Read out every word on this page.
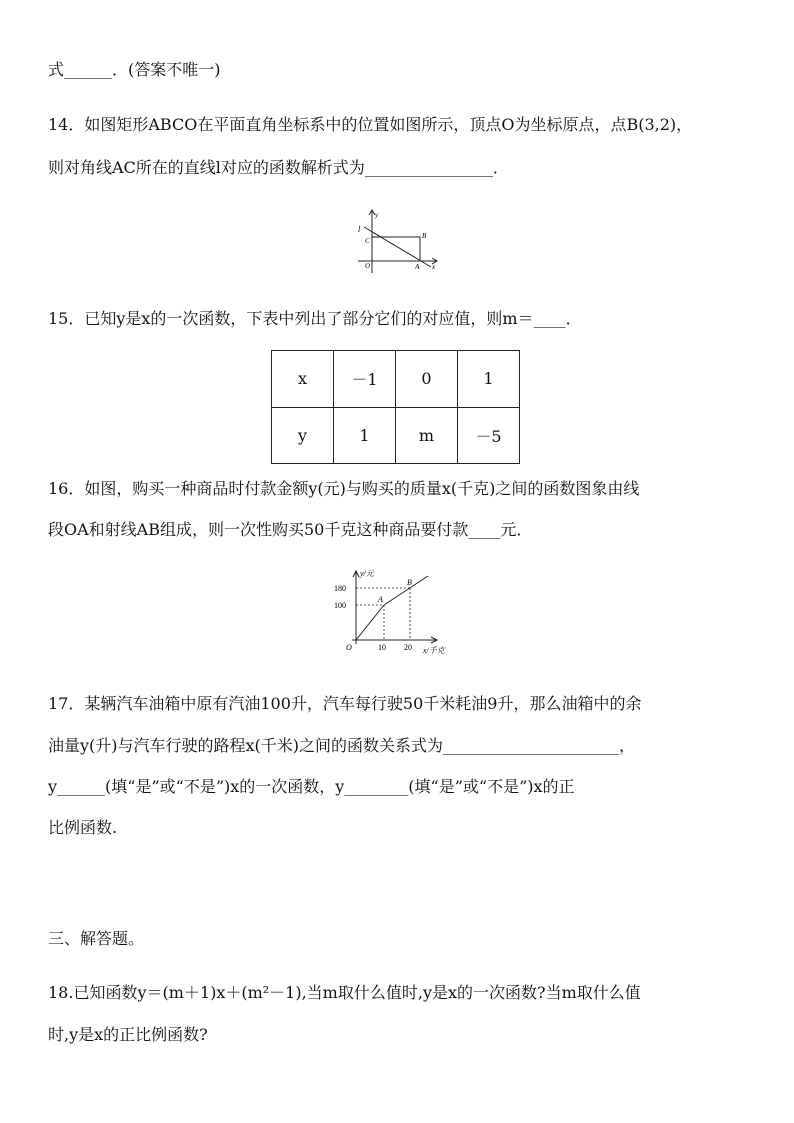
式______．(答案不唯一)
14．如图矩形ABCO在平面直角坐标系中的位置如图所示，顶点O为坐标原点，点B(3,2)，
则对角线AC所在的直线l对应的函数解析式为________________．
l
y
C
B
O	A x
15．已知y是x的一次函数，下表中列出了部分它们的对应值，则m＝____．
x	－1	0	1
y	1	m	－5
16．如图，购买一种商品时付款金额y(元)与购买的质量x(千克)之间的函数图象由线
段OA和射线AB组成，则一次性购买50千克这种商品要付款____元．
y/元
180
100
A
B
O	10 20 x/千克
17．某辆汽车油箱中原有汽油100升，汽车每行驶50千米耗油9升，那么油箱中的余
油量y(升)与汽车行驶的路程x(千米)之间的函数关系式为______________________，
y______(填“是”或“不是”)x的一次函数，y________(填“是”或“不是”)x的正
比例函数.
三、解答题。
18.已知函数y＝(m＋1)x＋(m²－1),当m取什么值时,y是x的一次函数?当m取什么值
时,y是x的正比例函数?
